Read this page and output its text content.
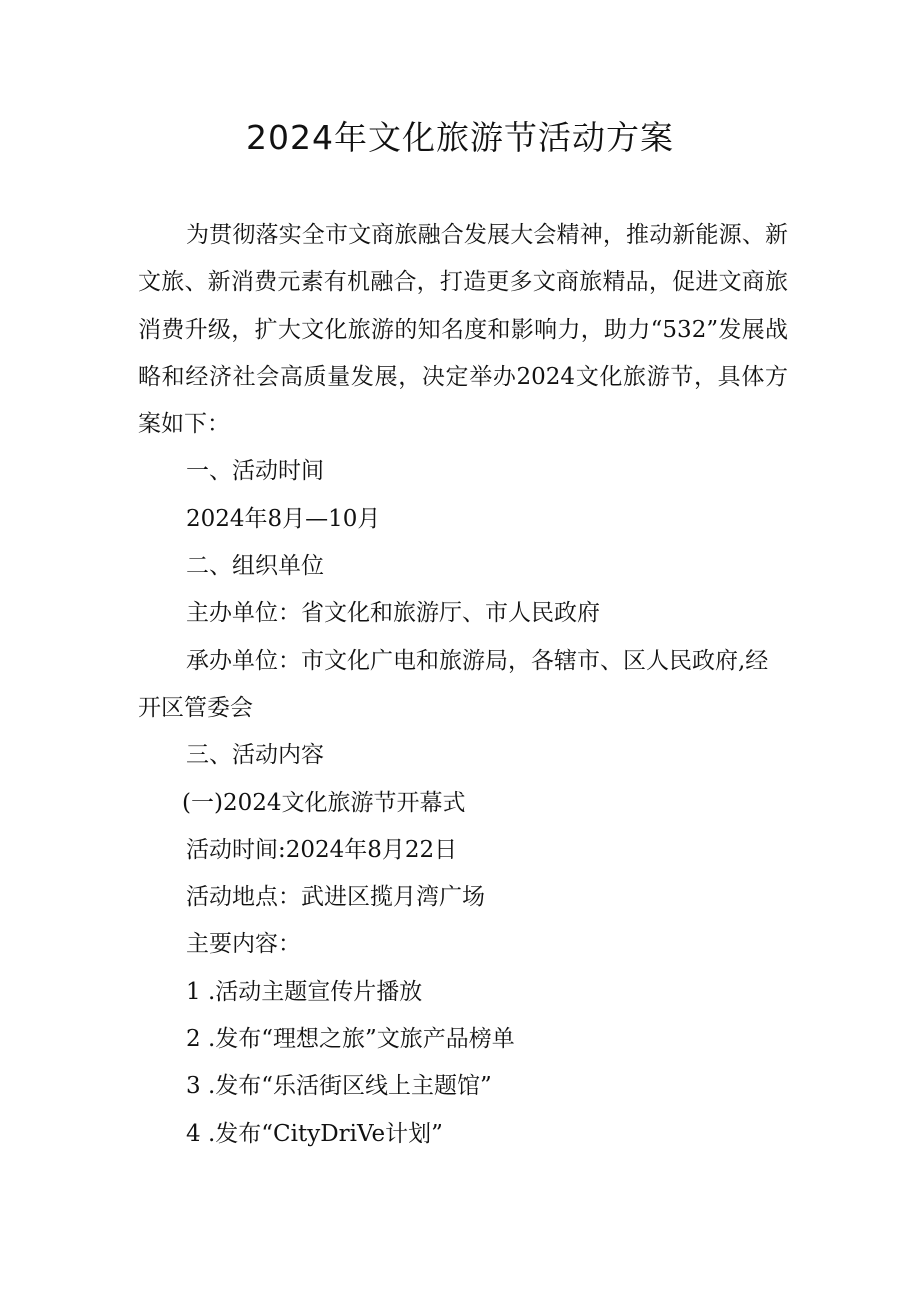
2024年文化旅游节活动方案

为贯彻落实全市文商旅融合发展大会精神，推动新能源、新文旅、新消费元素有机融合，打造更多文商旅精品，促进文商旅消费升级，扩大文化旅游的知名度和影响力，助力“532”发展战略和经济社会高质量发展，决定举办2024文化旅游节，具体方案如下：

一、活动时间

2024年8月—10月

二、组织单位

主办单位：省文化和旅游厅、市人民政府

承办单位：市文化广电和旅游局，各辖市、区人民政府,经开区管委会

三、活动内容

(一)2024文化旅游节开幕式

活动时间:2024年8月22日

活动地点：武进区揽月湾广场

主要内容：

1 .活动主题宣传片播放

2 .发布“理想之旅”文旅产品榜单

3 .发布“乐活街区线上主题馆”

4 .发布“CityDriVe计划”
